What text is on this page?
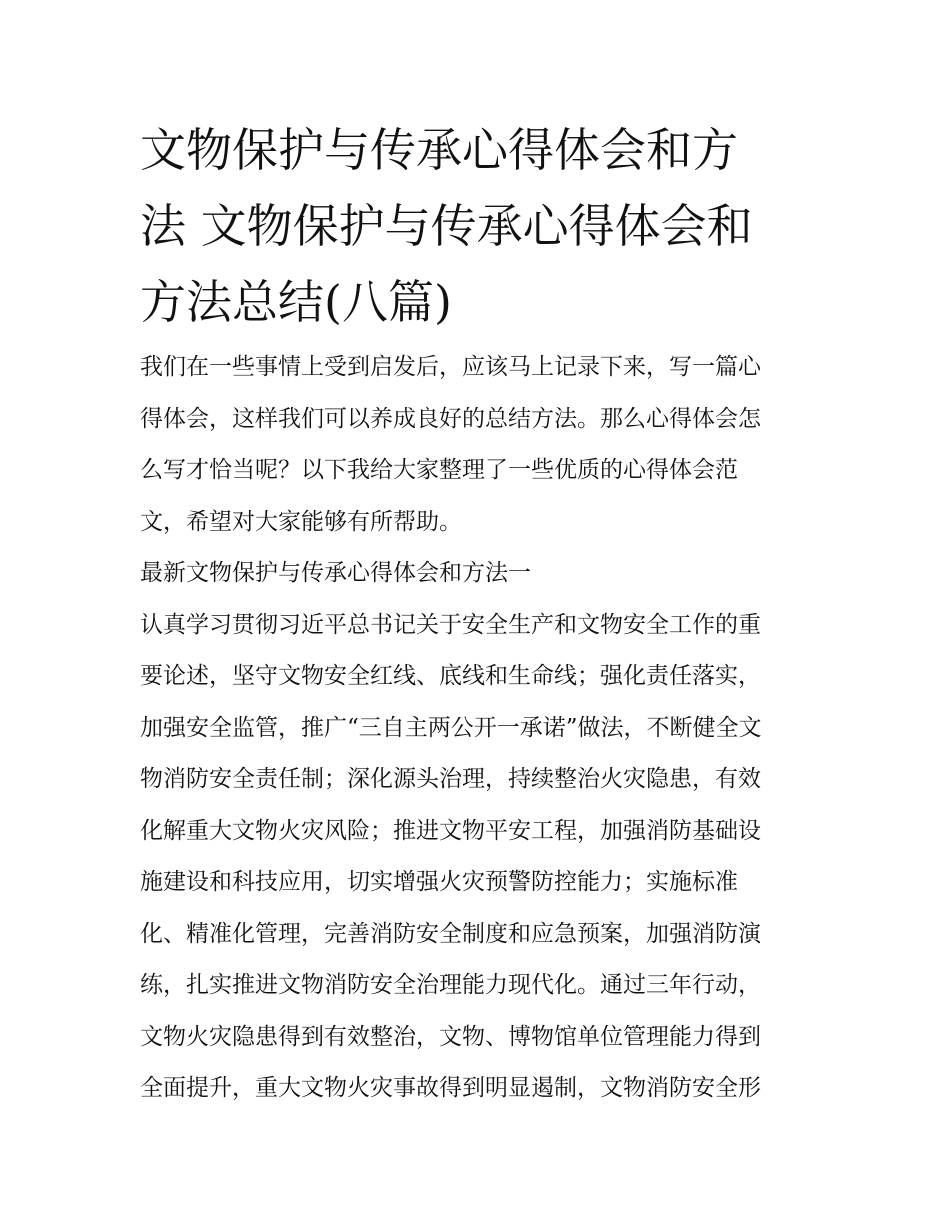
文物保护与传承心得体会和方
法 文物保护与传承心得体会和
方法总结(八篇)
我们在一些事情上受到启发后，应该马上记录下来，写一篇心
得体会，这样我们可以养成良好的总结方法。那么心得体会怎
么写才恰当呢？以下我给大家整理了一些优质的心得体会范
文，希望对大家能够有所帮助。
最新文物保护与传承心得体会和方法一
认真学习贯彻习近平总书记关于安全生产和文物安全工作的重
要论述，坚守文物安全红线、底线和生命线；强化责任落实，
加强安全监管，推广“三自主两公开一承诺”做法，不断健全文
物消防安全责任制；深化源头治理，持续整治火灾隐患，有效
化解重大文物火灾风险；推进文物平安工程，加强消防基础设
施建设和科技应用，切实增强火灾预警防控能力；实施标准
化、精准化管理，完善消防安全制度和应急预案，加强消防演
练，扎实推进文物消防安全治理能力现代化。通过三年行动，
文物火灾隐患得到有效整治，文物、博物馆单位管理能力得到
全面提升，重大文物火灾事故得到明显遏制，文物消防安全形
